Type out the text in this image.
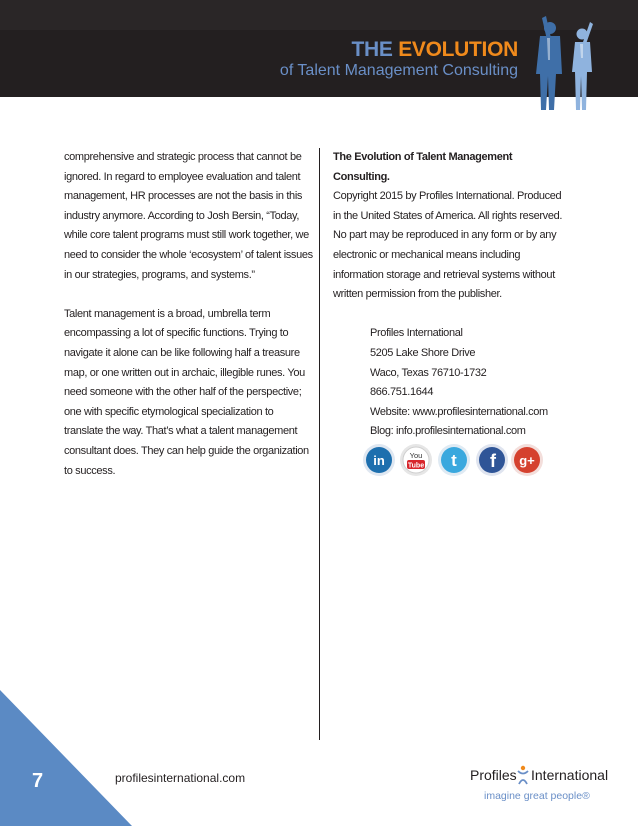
THE EVOLUTION
of Talent Management Consulting

comprehensive and strategic process that cannot be ignored. In regard to employee evaluation and talent management, HR processes are not the basis in this industry anymore. According to Josh Bersin, “Today, while core talent programs must still work together, we need to consider the whole ‘ecosystem’ of talent issues in our strategies, programs, and systems.”

Talent management is a broad, umbrella term encompassing a lot of specific functions. Trying to navigate it alone can be like following half a treasure map, or one written out in archaic, illegible runes. You need someone with the other half of the perspective; one with specific etymological specialization to translate the way. That’s what a talent management consultant does. They can help guide the organization to success.

The Evolution of Talent Management Consulting.

Copyright 2015 by Profiles International. Produced in the United States of America. All rights reserved. No part may be reproduced in any form or by any electronic or mechanical means including information storage and retrieval systems without written permission from the publisher.

Profiles International
5205 Lake Shore Drive
Waco, Texas 76710-1732
866.751.1644
Website: www.profilesinternational.com
Blog: info.profilesinternational.com
in	You
Tube t f g+
7	profilesinternational.com	Profiles International
imagine great people®
